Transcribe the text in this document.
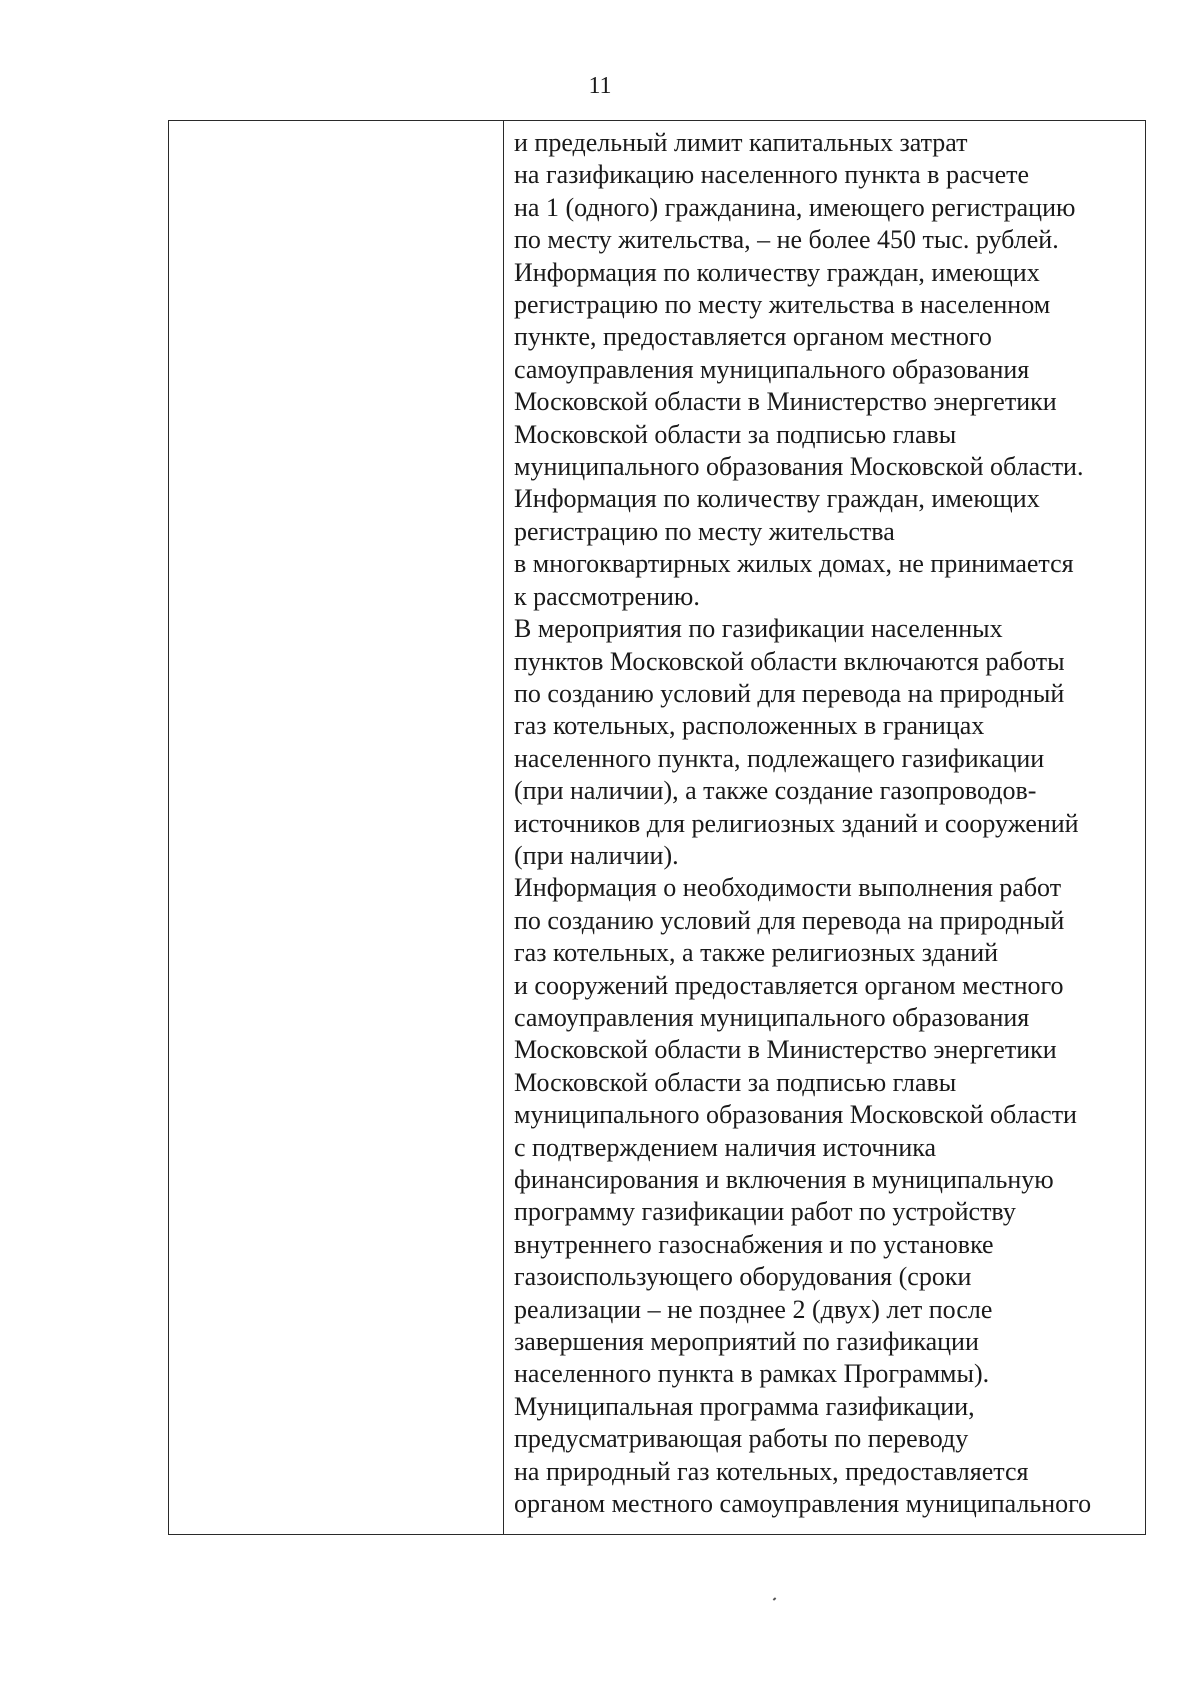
11
и предельный лимит капитальных затрат
на газификацию населенного пункта в расчете
на 1 (одного) гражданина, имеющего регистрацию
по месту жительства, – не более 450 тыс. рублей.
Информация по количеству граждан, имеющих
регистрацию по месту жительства в населенном
пункте, предоставляется органом местного
самоуправления муниципального образования
Московской области в Министерство энергетики
Московской области за подписью главы
муниципального образования Московской области.
Информация по количеству граждан, имеющих
регистрацию по месту жительства
в многоквартирных жилых домах, не принимается
к рассмотрению.
В мероприятия по газификации населенных
пунктов Московской области включаются работы
по созданию условий для перевода на природный
газ котельных, расположенных в границах
населенного пункта, подлежащего газификации
(при наличии), а также создание газопроводов-
источников для религиозных зданий и сооружений
(при наличии).
Информация о необходимости выполнения работ
по созданию условий для перевода на природный
газ котельных, а также религиозных зданий
и сооружений предоставляется органом местного
самоуправления муниципального образования
Московской области в Министерство энергетики
Московской области за подписью главы
муниципального образования Московской области
с подтверждением наличия источника
финансирования и включения в муниципальную
программу газификации работ по устройству
внутреннего газоснабжения и по установке
газоиспользующего оборудования (сроки
реализации – не позднее 2 (двух) лет после
завершения мероприятий по газификации
населенного пункта в рамках Программы).
Муниципальная программа газификации,
предусматривающая работы по переводу
на природный газ котельных, предоставляется
органом местного самоуправления муниципального
